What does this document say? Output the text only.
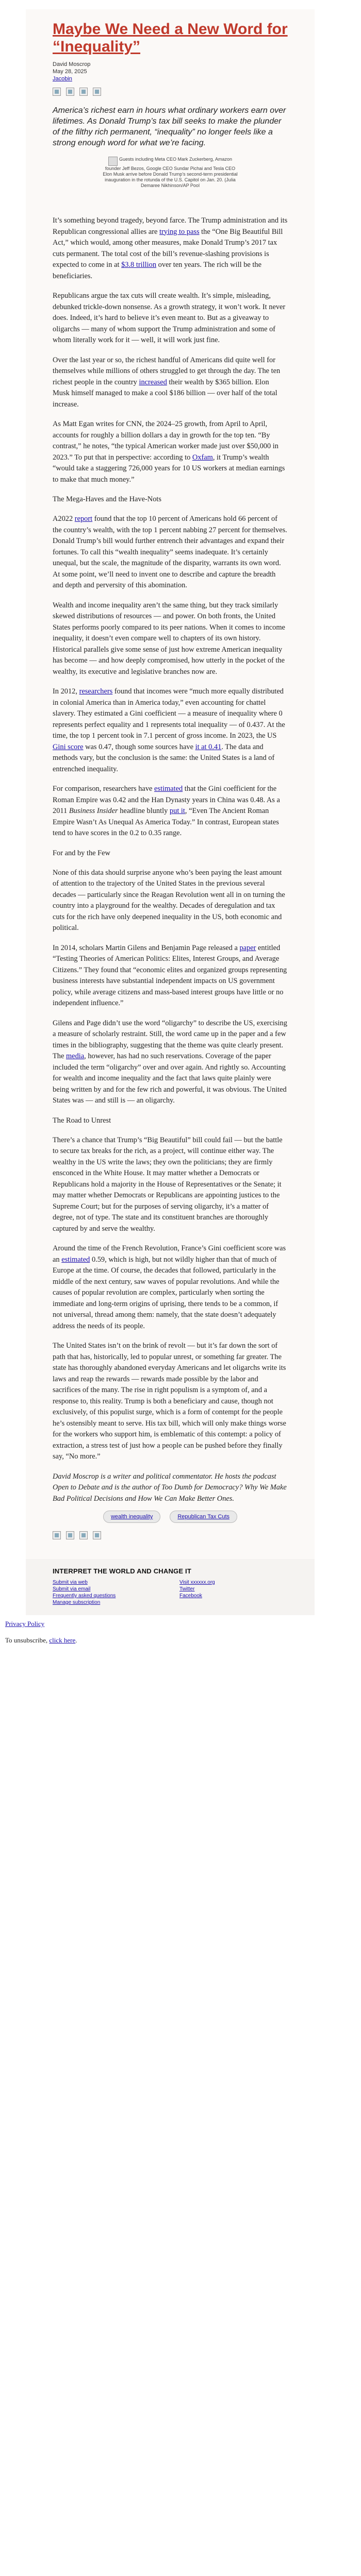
Maybe We Need a New Word for “Inequality”
David Moscrop
May 28, 2025
Jacobin
America’s richest earn in hours what ordinary workers earn over lifetimes. As Donald Trump’s tax bill seeks to make the plunder of the filthy rich permanent, “inequality” no longer feels like a strong enough word for what we’re facing.
Guests including Meta CEO Mark Zuckerberg, Amazon founder Jeff Bezos, Google CEO Sundar Pichai and Tesla CEO Elon Musk arrive before Donald Trump’s second-term presidential inauguration in the rotunda of the U.S. Capitol on Jan. 20. (Julia Demaree Nikhinson/AP Pool

It’s something beyond tragedy, beyond farce. The Trump administration and its Republican congressional allies are trying to pass the “One Big Beautiful Bill Act,” which would, among other measures, make Donald Trump’s 2017 tax cuts permanent. The total cost of the bill’s revenue-slashing provisions is expected to come in at $3.8 trillion over ten years. The rich will be the beneficiaries.

Republicans argue the tax cuts will create wealth. It’s simple, misleading, debunked trickle-down nonsense. As a growth strategy, it won’t work. It never does. Indeed, it’s hard to believe it’s even meant to. But as a giveaway to oligarchs — many of whom support the Trump administration and some of whom literally work for it — well, it will work just fine.

Over the last year or so, the richest handful of Americans did quite well for themselves while millions of others struggled to get through the day. The ten richest people in the country increased their wealth by $365 billion. Elon Musk himself managed to make a cool $186 billion — over half of the total increase.

As Matt Egan writes for CNN, the 2024–25 growth, from April to April, accounts for roughly a billion dollars a day in growth for the top ten. “By contrast,” he notes, “the typical American worker made just over $50,000 in 2023.” To put that in perspective: according to Oxfam, it Trump’s wealth “would take a staggering 726,000 years for 10 US workers at median earnings to make that much money.”

The Mega-Haves and the Have-Nots

A2022 report found that the top 10 percent of Americans hold 66 percent of the country’s wealth, with the top 1 percent nabbing 27 percent for themselves. Donald Trump’s bill would further entrench their advantages and expand their fortunes. To call this “wealth inequality” seems inadequate. It’s certainly unequal, but the scale, the magnitude of the disparity, warrants its own word. At some point, we’ll need to invent one to describe and capture the breadth and depth and perversity of this abomination.

Wealth and income inequality aren’t the same thing, but they track similarly skewed distributions of resources — and power. On both fronts, the United States performs poorly compared to its peer nations. When it comes to income inequality, it doesn’t even compare well to chapters of its own history. Historical parallels give some sense of just how extreme American inequality has become — and how deeply compromised, how utterly in the pocket of the wealthy, its executive and legislative branches now are.

In 2012, researchers found that incomes were “much more equally distributed in colonial America than in America today,” even accounting for chattel slavery. They estimated a Gini coefficient — a measure of inequality where 0 represents perfect equality and 1 represents total inequality — of 0.437. At the time, the top 1 percent took in 7.1 percent of gross income. In 2023, the US Gini score was 0.47, though some sources have it at 0.41. The data and methods vary, but the conclusion is the same: the United States is a land of entrenched inequality.

For comparison, researchers have estimated that the Gini coefficient for the Roman Empire was 0.42 and the Han Dynasty years in China was 0.48. As a 2011 Business Insider headline bluntly put it, “Even The Ancient Roman Empire Wasn’t As Unequal As America Today.” In contrast, European states tend to have scores in the 0.2 to 0.35 range.

For and by the Few

None of this data should surprise anyone who’s been paying the least amount of attention to the trajectory of the United States in the previous several decades — particularly since the Reagan Revolution went all in on turning the country into a playground for the wealthy. Decades of deregulation and tax cuts for the rich have only deepened inequality in the US, both economic and political.

In 2014, scholars Martin Gilens and Benjamin Page released a paper entitled “Testing Theories of American Politics: Elites, Interest Groups, and Average Citizens.” They found that “economic elites and organized groups representing business interests have substantial independent impacts on US government policy, while average citizens and mass-based interest groups have little or no independent influence.”

Gilens and Page didn’t use the word “oligarchy” to describe the US, exercising a measure of scholarly restraint. Still, the word came up in the paper and a few times in the bibliography, suggesting that the theme was quite clearly present. The media, however, has had no such reservations. Coverage of the paper included the term “oligarchy” over and over again. And rightly so. Accounting for wealth and income inequality and the fact that laws quite plainly were being written by and for the few rich and powerful, it was obvious. The United States was — and still is — an oligarchy.

The Road to Unrest

There’s a chance that Trump’s “Big Beautiful” bill could fail — but the battle to secure tax breaks for the rich, as a project, will continue either way. The wealthy in the US write the laws; they own the politicians; they are firmly ensconced in the White House. It may matter whether a Democrats or Republicans hold a majority in the House of Representatives or the Senate; it may matter whether Democrats or Republicans are appointing justices to the Supreme Court; but for the purposes of serving oligarchy, it’s a matter of degree, not of type. The state and its constituent branches are thoroughly captured by and serve the wealthy.

Around the time of the French Revolution, France’s Gini coefficient score was an estimated 0.59, which is high, but not wildly higher than that of much of Europe at the time. Of course, the decades that followed, particularly in the middle of the next century, saw waves of popular revolutions. And while the causes of popular revolution are complex, particularly when sorting the immediate and long-term origins of uprising, there tends to be a common, if not universal, thread among them: namely, that the state doesn’t adequately address the needs of its people.

The United States isn’t on the brink of revolt — but it’s far down the sort of path that has, historically, led to popular unrest, or something far greater. The state has thoroughly abandoned everyday Americans and let oligarchs write its laws and reap the rewards — rewards made possible by the labor and sacrifices of the many. The rise in right populism is a symptom of, and a response to, this reality. Trump is both a beneficiary and cause, though not exclusively, of this populist surge, which is a form of contempt for the people he’s ostensibly meant to serve. His tax bill, which will only make things worse for the workers who support him, is emblematic of this contempt: a policy of extraction, a stress test of just how a people can be pushed before they finally say, “No more.”

David Moscrop is a writer and political commentator. He hosts the podcast Open to Debate and is the author of Too Dumb for Democracy? Why We Make Bad Political Decisions and How We Can Make Better Ones.

wealth inequality	Republican Tax Cuts
INTERPRET THE WORLD AND CHANGE IT
Submit via web
Submit via email
Frequently asked questions
Manage subscription
Visit xxxxxx.org
Twitter
Facebook
Privacy Policy
To unsubscribe, click here.
